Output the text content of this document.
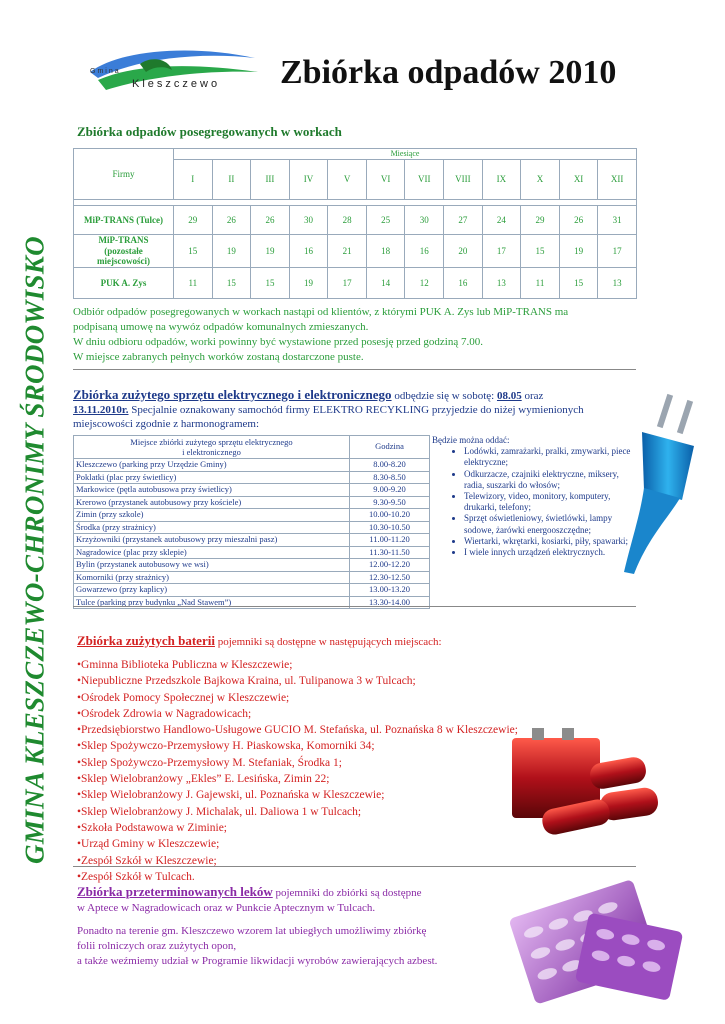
Gmina
Kleszczewo Zbiórka odpadów 2010
GMINA KLESZCZEWO-CHRONIMY ŚRODOWISKO
Zbiórka odpadów posegregowanych w workach
Firmy	Miesiące											
	I	II	III	IV	V	VI	VII	VIII	IX	X	XI	XII

MiP-TRANS (Tulce)	29	26	26	30	28	25	30	27	24	29	26	31
MiP-TRANS (pozostałe miejscowości)	15	19	19	16	21	18	16	20	17	15	19	17
PUK A. Zys	11	15	15	19	17	14	12	16	13	11	15	13
Odbiór odpadów posegregowanych w workach nastąpi od klientów, z którymi PUK A. Zys lub MiP-TRANS ma
podpisaną umowę na wywóz odpadów komunalnych zmieszanych.
W dniu odbioru odpadów, worki powinny być wystawione przed posesję przed godziną 7.00.
W miejsce zabranych pełnych worków zostaną dostarczone puste.
Zbiórka zużytego sprzętu elektrycznego i elektronicznego odbędzie się w sobotę: 08.05 oraz
13.11.2010r. Specjalnie oznakowany samochód firmy ELEKTRO RECYKLING przyjedzie do niżej wymienionych
miejscowości zgodnie z harmonogramem:
Miejsce zbiórki zużytego sprzętu elektrycznego
i elektronicznego	Godzina
Kleszczewo (parking przy Urzędzie Gminy)	8.00-8.20
Poklatki (plac przy świetlicy)	8.30-8.50
Markowice (pętla autobusowa przy świetlicy)	9.00-9.20
Krerowo (przystanek autobusowy przy kościele)	9.30-9.50
Zimin (przy szkole)	10.00-10.20
Środka (przy strażnicy)	10.30-10.50
Krzyżowniki (przystanek autobusowy przy mieszalni pasz)	11.00-11.20
Nagradowice (plac przy sklepie)	11.30-11.50
Bylin (przystanek autobusowy we wsi)	12.00-12.20
Komorniki (przy strażnicy)	12.30-12.50
Gowarzewo (przy kaplicy)	13.00-13.20
Tulce (parking przy budynku „Nad Stawem”)	13.30-14.00
Będzie można oddać:
• Lodówki, zamrażarki, pralki, zmywarki, piece elektryczne;
• Odkurzacze, czajniki elektryczne, miksery, radia, suszarki do włosów;
• Telewizory, video, monitory, komputery, drukarki, telefony;
• Sprzęt oświetleniowy, świetlówki, lampy sodowe, żarówki energooszczędne;
• Wiertarki, wkrętarki, kosiarki, piły, spawarki;
• I wiele innych urządzeń elektrycznych.
Zbiórka zużytych baterii pojemniki są dostępne w następujących miejscach:
•Gminna Biblioteka Publiczna w Kleszczewie;
•Niepubliczne Przedszkole Bajkowa Kraina, ul. Tulipanowa 3 w Tulcach;
•Ośrodek Pomocy Społecznej w Kleszczewie;
•Ośrodek Zdrowia w Nagradowicach;
•Przedsiębiorstwo Handlowo-Usługowe GUCIO M. Stefańska, ul. Poznańska 8 w Kleszczewie;
•Sklep Spożywczo-Przemysłowy H. Piaskowska, Komorniki 34;
•Sklep Spożywczo-Przemysłowy M. Stefaniak, Środka 1;
•Sklep Wielobranżowy „Ekles” E. Lesińska, Zimin 22;
•Sklep Wielobranżowy J. Gajewski, ul. Poznańska w Kleszczewie;
•Sklep Wielobranżowy J. Michalak, ul. Daliowa 1 w Tulcach;
•Szkoła Podstawowa w Ziminie;
•Urząd Gminy w Kleszczewie;
•Zespół Szkół w Kleszczewie;
•Zespół Szkół w Tulcach.
Zbiórka przeterminowanych leków pojemniki do zbiórki są dostępne
w Aptece w Nagradowicach oraz w Punkcie Aptecznym w Tulcach.
Ponadto na terenie gm. Kleszczewo wzorem lat ubiegłych umożliwimy zbiórkę
folii rolniczych oraz zużytych opon,
a także weźmiemy udział w Programie likwidacji wyrobów zawierających azbest.
